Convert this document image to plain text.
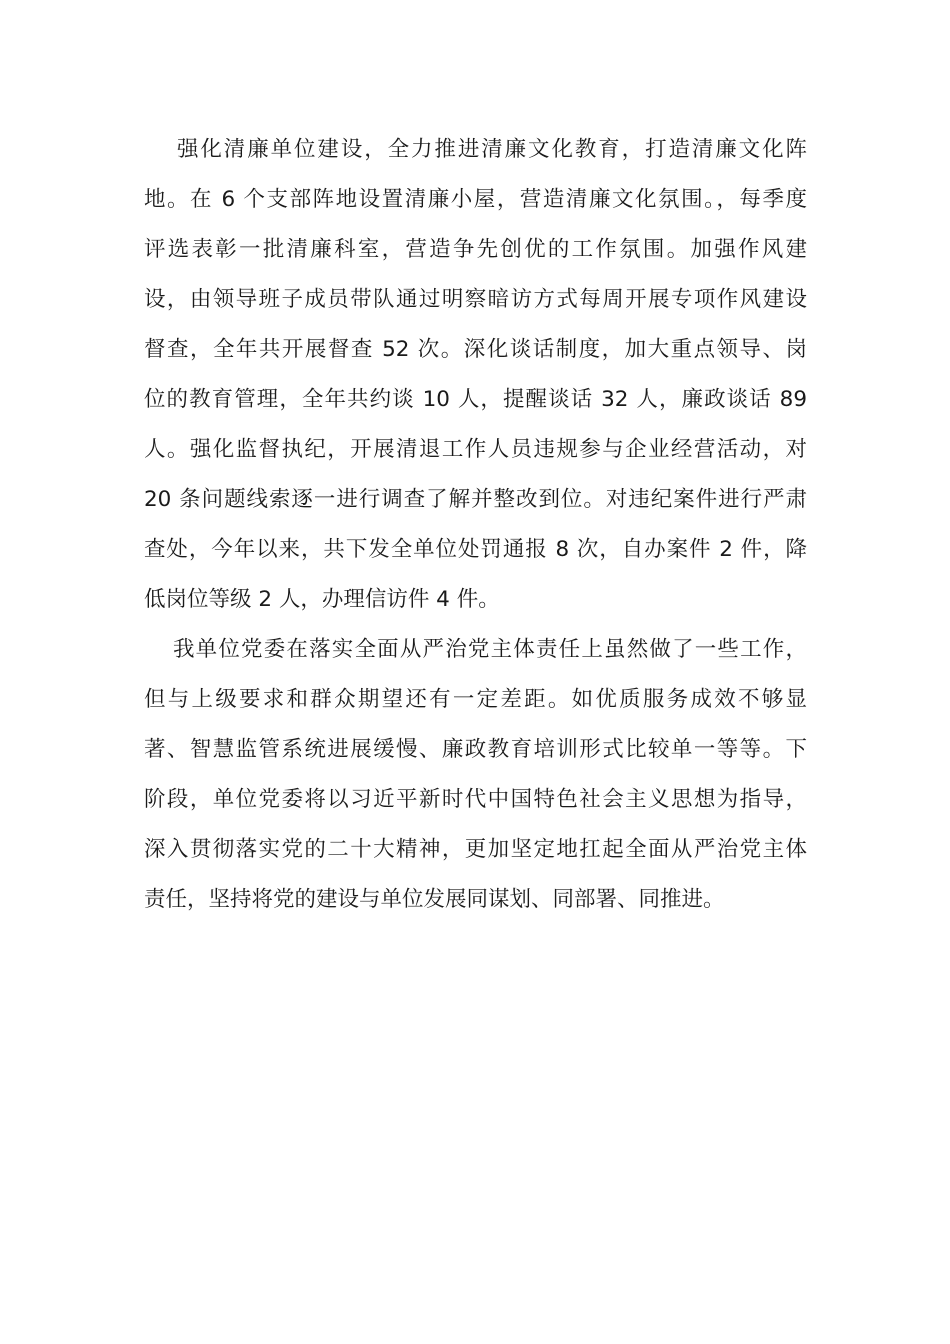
强化清廉单位建设，全力推进清廉文化教育，打造清廉文化阵
地。在 6 个支部阵地设置清廉小屋，营造清廉文化氛围。，每季度
评选表彰一批清廉科室，营造争先创优的工作氛围。加强作风建
设，由领导班子成员带队通过明察暗访方式每周开展专项作风建设
督查，全年共开展督查 52 次。深化谈话制度，加大重点领导、岗
位的教育管理，全年共约谈 10 人，提醒谈话 32 人，廉政谈话 89
人。强化监督执纪，开展清退工作人员违规参与企业经营活动，对
20 条问题线索逐一进行调查了解并整改到位。对违纪案件进行严肃
查处，今年以来，共下发全单位处罚通报 8 次，自办案件 2 件，降
低岗位等级 2 人，办理信访件 4 件。
我单位党委在落实全面从严治党主体责任上虽然做了一些工作，
但与上级要求和群众期望还有一定差距。如优质服务成效不够显
著、智慧监管系统进展缓慢、廉政教育培训形式比较单一等等。下
阶段，单位党委将以习近平新时代中国特色社会主义思想为指导，
深入贯彻落实党的二十大精神，更加坚定地扛起全面从严治党主体
责任，坚持将党的建设与单位发展同谋划、同部署、同推进。
